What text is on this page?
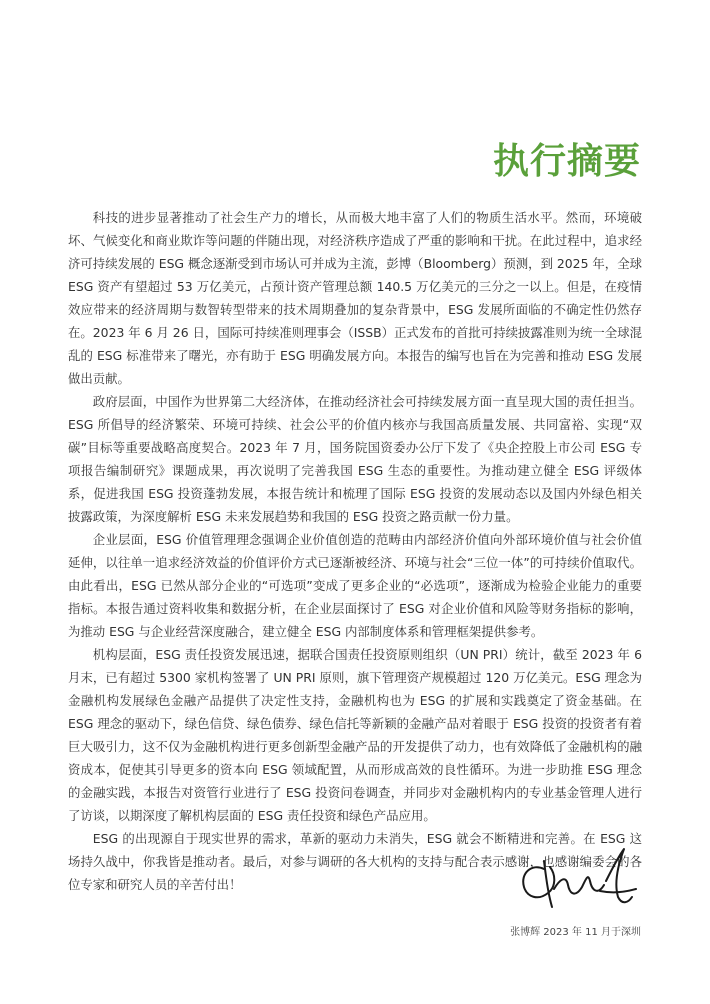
执行摘要

科技的进步显著推动了社会生产力的增长，从而极大地丰富了人们的物质生活水平。然而，环境破坏、气候变化和商业欺诈等问题的伴随出现，对经济秩序造成了严重的影响和干扰。在此过程中，追求经济可持续发展的 ESG 概念逐渐受到市场认可并成为主流，彭博（Bloomberg）预测，到 2025 年，全球 ESG 资产有望超过 53 万亿美元，占预计资产管理总额 140.5 万亿美元的三分之一以上。但是，在疫情效应带来的经济周期与数智转型带来的技术周期叠加的复杂背景中，ESG 发展所面临的不确定性仍然存在。2023 年 6 月 26 日，国际可持续准则理事会（ISSB）正式发布的首批可持续披露准则为统一全球混乱的 ESG 标准带来了曙光，亦有助于 ESG 明确发展方向。本报告的编写也旨在为完善和推动 ESG 发展做出贡献。

政府层面，中国作为世界第二大经济体，在推动经济社会可持续发展方面一直呈现大国的责任担当。ESG 所倡导的经济繁荣、环境可持续、社会公平的价值内核亦与我国高质量发展、共同富裕、实现“双碳”目标等重要战略高度契合。2023 年 7 月，国务院国资委办公厅下发了《央企控股上市公司 ESG 专项报告编制研究》课题成果，再次说明了完善我国 ESG 生态的重要性。为推动建立健全 ESG 评级体系，促进我国 ESG 投资蓬勃发展，本报告统计和梳理了国际 ESG 投资的发展动态以及国内外绿色相关披露政策，为深度解析 ESG 未来发展趋势和我国的 ESG 投资之路贡献一份力量。

企业层面，ESG 价值管理理念强调企业价值创造的范畴由内部经济价值向外部环境价值与社会价值延伸，以往单一追求经济效益的价值评价方式已逐渐被经济、环境与社会“三位一体”的可持续价值取代。由此看出，ESG 已然从部分企业的“可选项”变成了更多企业的“必选项”，逐渐成为检验企业能力的重要指标。本报告通过资料收集和数据分析，在企业层面探讨了 ESG 对企业价值和风险等财务指标的影响，为推动 ESG 与企业经营深度融合，建立健全 ESG 内部制度体系和管理框架提供参考。

机构层面，ESG 责任投资发展迅速，据联合国责任投资原则组织（UN PRI）统计，截至 2023 年 6 月末，已有超过 5300 家机构签署了 UN PRI 原则，旗下管理资产规模超过 120 万亿美元。ESG 理念为金融机构发展绿色金融产品提供了决定性支持，金融机构也为 ESG 的扩展和实践奠定了资金基础。在 ESG 理念的驱动下，绿色信贷、绿色债券、绿色信托等新颖的金融产品对着眼于 ESG 投资的投资者有着巨大吸引力，这不仅为金融机构进行更多创新型金融产品的开发提供了动力，也有效降低了金融机构的融资成本，促使其引导更多的资本向 ESG 领域配置，从而形成高效的良性循环。为进一步助推 ESG 理念的金融实践，本报告对资管行业进行了 ESG 投资问卷调查，并同步对金融机构内的专业基金管理人进行了访谈，以期深度了解机构层面的 ESG 责任投资和绿色产品应用。

ESG 的出现源自于现实世界的需求，革新的驱动力未消失，ESG 就会不断精进和完善。在 ESG 这场持久战中，你我皆是推动者。最后，对参与调研的各大机构的支持与配合表示感谢，也感谢编委会的各位专家和研究人员的辛苦付出！

张博辉 2023 年 11 月于深圳
